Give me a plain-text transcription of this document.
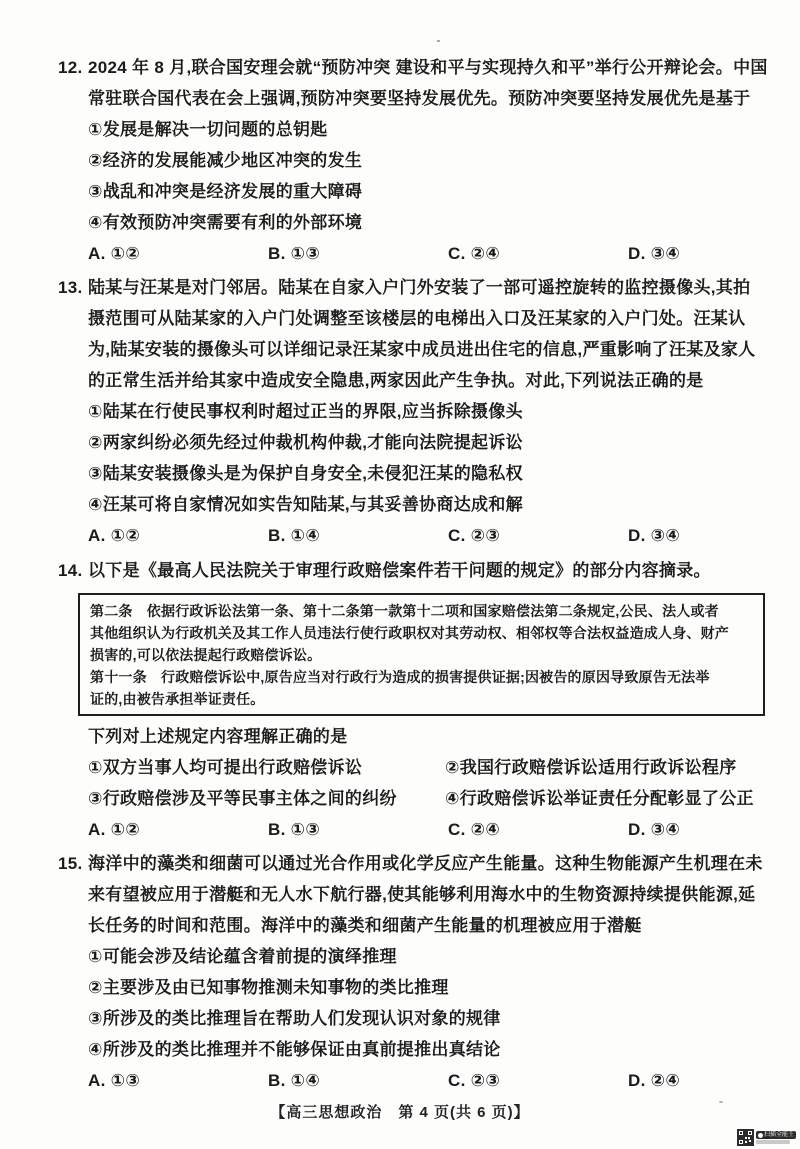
12. 2024 年 8 月,联合国安理会就“预防冲突 建设和平与实现持久和平”举行公开辩论会。中国
常驻联合国代表在会上强调,预防冲突要坚持发展优先。预防冲突要坚持发展优先是基于
①发展是解决一切问题的总钥匙
②经济的发展能减少地区冲突的发生
③战乱和冲突是经济发展的重大障碍
④有效预防冲突需要有利的外部环境
A. ①②	B. ①③	C. ②④	D. ③④
13. 陆某与汪某是对门邻居。陆某在自家入户门外安装了一部可遥控旋转的监控摄像头,其拍
摄范围可从陆某家的入户门处调整至该楼层的电梯出入口及汪某家的入户门处。汪某认
为,陆某安装的摄像头可以详细记录汪某家中成员进出住宅的信息,严重影响了汪某及家人
的正常生活并给其家中造成安全隐患,两家因此产生争执。对此,下列说法正确的是
①陆某在行使民事权利时超过正当的界限,应当拆除摄像头
②两家纠纷必须先经过仲裁机构仲裁,才能向法院提起诉讼
③陆某安装摄像头是为保护自身安全,未侵犯汪某的隐私权
④汪某可将自家情况如实告知陆某,与其妥善协商达成和解
A. ①②	B. ①④	C. ②③	D. ③④
14. 以下是《最高人民法院关于审理行政赔偿案件若干问题的规定》的部分内容摘录。
第二条　依据行政诉讼法第一条、第十二条第一款第十二项和国家赔偿法第二条规定,公民、法人或者
其他组织认为行政机关及其工作人员违法行使行政职权对其劳动权、相邻权等合法权益造成人身、财产
损害的,可以依法提起行政赔偿诉讼。
第十一条　行政赔偿诉讼中,原告应当对行政行为造成的损害提供证据;因被告的原因导致原告无法举
证的,由被告承担举证责任。
下列对上述规定内容理解正确的是
①双方当事人均可提出行政赔偿诉讼	②我国行政赔偿诉讼适用行政诉讼程序
③行政赔偿涉及平等民事主体之间的纠纷	④行政赔偿诉讼举证责任分配彰显了公正
A. ①②	B. ①③	C. ②④	D. ③④
15. 海洋中的藻类和细菌可以通过光合作用或化学反应产生能量。这种生物能源产生机理在未
来有望被应用于潜艇和无人水下航行器,使其能够利用海水中的生物资源持续提供能源,延
长任务的时间和范围。海洋中的藻类和细菌产生能量的机理被应用于潜艇
①可能会涉及结论蕴含着前提的演绎推理
②主要涉及由已知事物推测未知事物的类比推理
③所涉及的类比推理旨在帮助人们发现认识对象的规律
④所涉及的类比推理并不能够保证由真前提推出真结论
A. ①③	B. ①④	C. ②③	D. ②④
【高三思想政治　第 4 页(共 6 页)】
扫描全能王
